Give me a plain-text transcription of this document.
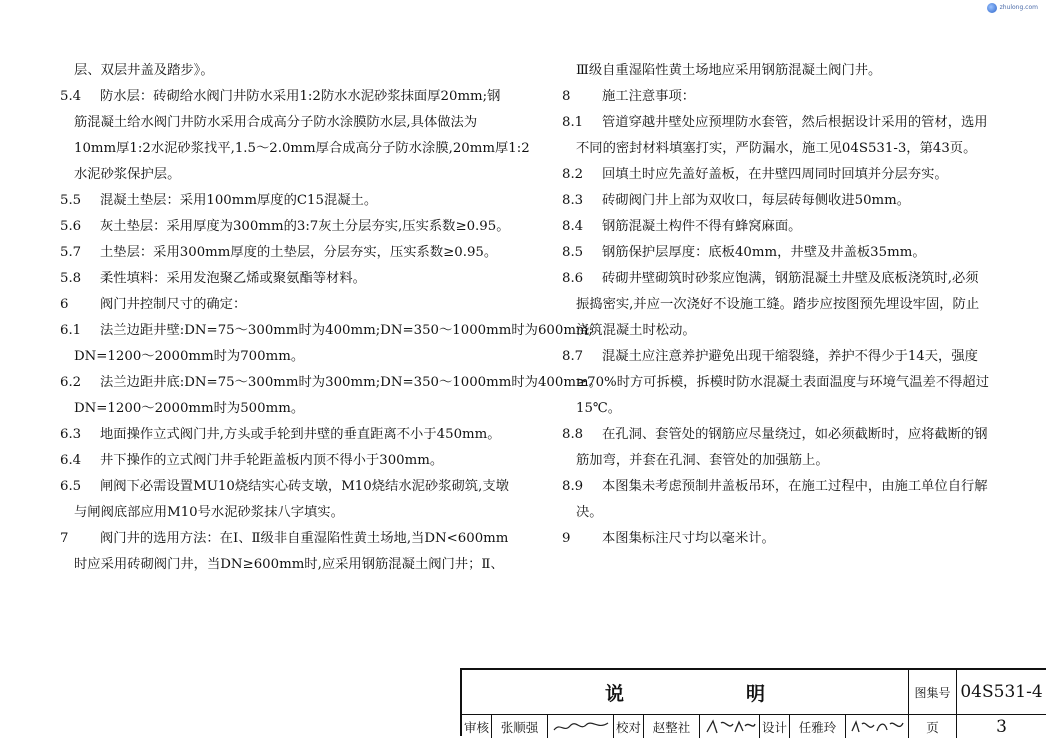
zhulong.com
层、双层井盖及踏步》。
5.4 防水层：砖砌给水阀门井防水采用1:2防水水泥砂浆抹面厚20mm;钢
筋混凝土给水阀门井防水采用合成高分子防水涂膜防水层,具体做法为
10mm厚1:2水泥砂浆找平,1.5～2.0mm厚合成高分子防水涂膜,20mm厚1:2
水泥砂浆保护层。
5.5 混凝土垫层：采用100mm厚度的C15混凝土。
5.6 灰土垫层：采用厚度为300mm的3:7灰土分层夯实,压实系数≥0.95。
5.7 土垫层：采用300mm厚度的土垫层，分层夯实，压实系数≥0.95。
5.8 柔性填料：采用发泡聚乙烯或聚氨酯等材料。
6 阀门井控制尺寸的确定：
6.1 法兰边距井壁:DN=75～300mm时为400mm;DN=350～1000mm时为600mm;
DN=1200～2000mm时为700mm。
6.2 法兰边距井底:DN=75～300mm时为300mm;DN=350～1000mm时为400mm。
DN=1200～2000mm时为500mm。
6.3 地面操作立式阀门井,方头或手轮到井壁的垂直距离不小于450mm。
6.4 井下操作的立式阀门井手轮距盖板内顶不得小于300mm。
6.5 闸阀下必需设置MU10烧结实心砖支墩，M10烧结水泥砂浆砌筑,支墩
与闸阀底部应用M10号水泥砂浆抹八字填实。
7 阀门井的选用方法：在Ⅰ、Ⅱ级非自重湿陷性黄土场地,当DN<600mm
时应采用砖砌阀门井，当DN≥600mm时,应采用钢筋混凝土阀门井；Ⅱ、
Ⅲ级自重湿陷性黄土场地应采用钢筋混凝土阀门井。
8 施工注意事项：
8.1 管道穿越井壁处应预埋防水套管，然后根据设计采用的管材，选用
不同的密封材料填塞打实，严防漏水，施工见04S531-3，第43页。
8.2 回填土时应先盖好盖板，在井壁四周同时回填并分层夯实。
8.3 砖砌阀门井上部为双收口，每层砖每侧收进50mm。
8.4 钢筋混凝土构件不得有蜂窝麻面。
8.5 钢筋保护层厚度：底板40mm，井壁及井盖板35mm。
8.6 砖砌井壁砌筑时砂浆应饱满，钢筋混凝土井壁及底板浇筑时,必须
振捣密实,并应一次浇好不设施工缝。踏步应按图预先埋设牢固，防止
浇筑混凝土时松动。
8.7 混凝土应注意养护避免出现干缩裂缝，养护不得少于14天，强度
≥70%时方可拆模，拆模时防水混凝土表面温度与环境气温差不得超过
15℃。
8.8 在孔洞、套管处的钢筋应尽量绕过，如必须截断时，应将截断的钢
筋加弯，并套在孔洞、套管处的加强筋上。
8.9 本图集未考虑预制井盖板吊环，在施工过程中，由施工单位自行解
决。
9 本图集标注尺寸均以毫米计。
说明	图集号 04S531-4
审核 张顺强	校对 赵整社	设计 任雅玲	页	3
